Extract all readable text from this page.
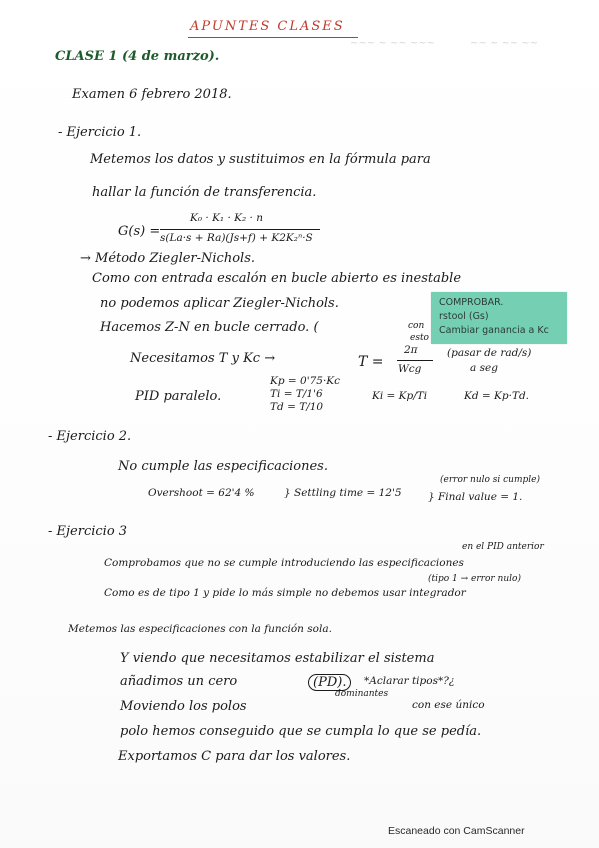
~~~ ~ ~~ ~~~	~~ ~ ~~ ~~
APUNTES CLASES
CLASE 1 (4 de marzo).
Examen 6 febrero 2018.
- Ejercicio 1.
Metemos los datos y sustituimos en la fórmula para
hallar la función de transferencia.
G(s) =
K₀ · K₁ · K₂ · n
s(La·s + Ra)(Js+f) + K2K₂ⁿ·S
→ Método Ziegler-Nichols.
Como con entrada escalón en bucle abierto es inestable
no podemos aplicar Ziegler-Nichols.
Hacemos Z-N en bucle cerrado. (	con
esto
COMPROBAR.
rstool (Gs)
Cambiar ganancia a Kc
Necesitamos T y Kc →	T =
2π
Wcg
(pasar de rad/s)
a seg
PID paralelo.
Kp = 0'75·Kc
Ti = T/1'6
Td = T/10
Ki = Kp/Ti	Kd = Kp·Td.
- Ejercicio 2.
No cumple las especificaciones.
Overshoot = 62'4 %	} Settling time = 12'5
(error nulo si cumple)
} Final value = 1.
- Ejercicio 3
en el PID anterior
Comprobamos que no se cumple introduciendo las especificaciones
(tipo 1 → error nulo)
Como es de tipo 1 y pide lo más simple no debemos usar integrador
Metemos las especificaciones con la función sola.
Y viendo que necesitamos estabilizar el sistema
añadimos un cero	(PD).	*Aclarar tipos*?¿
dominantes
Moviendo los polos	con ese único
polo hemos conseguido que se cumpla lo que se pedía.
Exportamos C para dar los valores.
Escaneado con CamScanner
